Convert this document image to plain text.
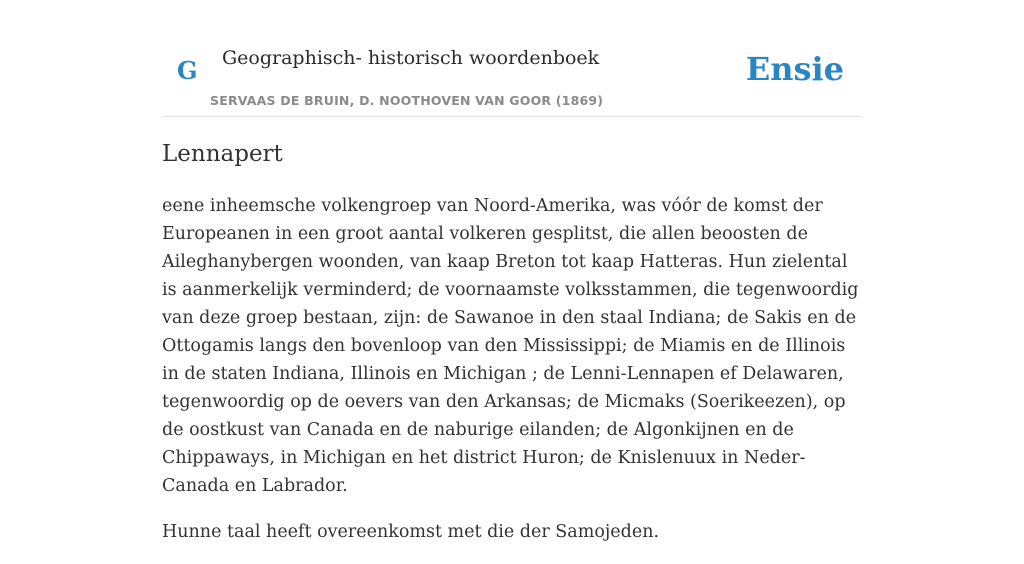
G Geographisch- historisch woordenboek
SERVAAS DE BRUIN, D. NOOTHOVEN VAN GOOR (1869)
Ensie
Lennapert

eene inheemsche volkengroep van Noord-Amerika, was vóór de komst der Europeanen in een groot aantal volkeren gesplitst, die allen beoosten de Aileghanybergen woonden, van kaap Breton tot kaap Hatteras. Hun zielental is aanmerkelijk verminderd; de voornaamste volksstammen, die tegenwoordig van deze groep bestaan, zijn: de Sawanoe in den staal Indiana; de Sakis en de Ottogamis langs den bovenloop van den Mississippi; de Miamis en de Illinois in de staten Indiana, Illinois en Michigan ; de Lenni-Lennapen ef Delawaren, tegenwoordig op de oevers van den Arkansas; de Micmaks (Soerikeezen), op de oostkust van Canada en de naburige eilanden; de Algonkijnen en de Chippaways, in Michigan en het district Huron; de Knislenuux in Neder-Canada en Labrador.

Hunne taal heeft overeenkomst met die der Samojeden.
